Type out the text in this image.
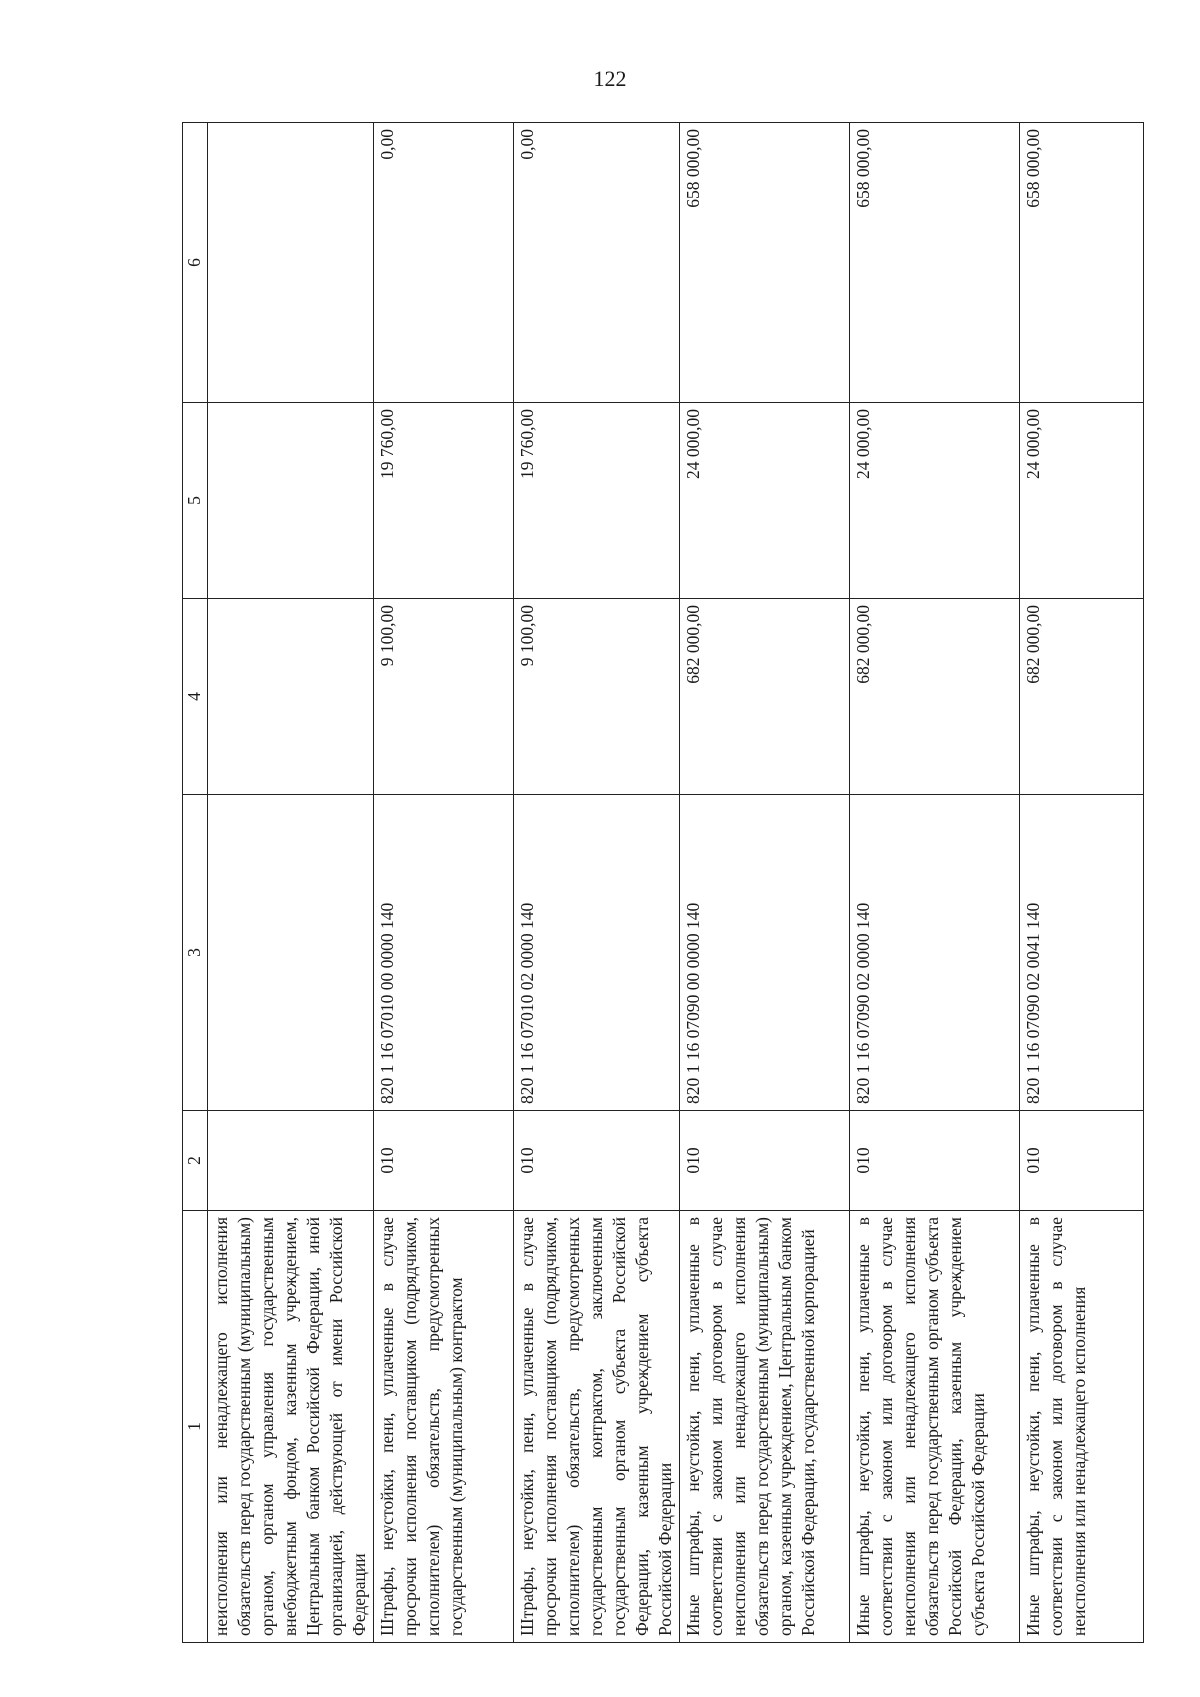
122
1	2	3	4	5	6
неисполнения или ненадлежащего исполнения обязательств перед государственным (муниципальным) органом, органом управления государственным внебюджетным фондом, казенным учреждением, Центральным банком Российской Федерации, иной организацией, действующей от имени Российской Федерации					
Штрафы, неустойки, пени, уплаченные в случае просрочки исполнения поставщиком (подрядчиком, исполнителем) обязательств, предусмотренных государственным (муниципальным) контрактом	010	820 1 16 07010 00 0000 140	9 100,00	19 760,00	0,00
Штрафы, неустойки, пени, уплаченные в случае просрочки исполнения поставщиком (подрядчиком, исполнителем) обязательств, предусмотренных государственным контрактом, заключенным государственным органом субъекта Российской Федерации, казенным учреждением субъекта Российской Федерации	010	820 1 16 07010 02 0000 140	9 100,00	19 760,00	0,00
Иные штрафы, неустойки, пени, уплаченные в соответствии с законом или договором в случае неисполнения или ненадлежащего исполнения обязательств перед государственным (муниципальным) органом, казенным учреждением, Центральным банком Российской Федерации, государственной корпорацией	010	820 1 16 07090 00 0000 140	682 000,00	24 000,00	658 000,00
Иные штрафы, неустойки, пени, уплаченные в соответствии с законом или договором в случае неисполнения или ненадлежащего исполнения обязательств перед государственным органом субъекта Российской Федерации, казенным учреждением субъекта Российской Федерации	010	820 1 16 07090 02 0000 140	682 000,00	24 000,00	658 000,00
Иные штрафы, неустойки, пени, уплаченные в соответствии с законом или договором в случае неисполнения или ненадлежащего исполнения	010	820 1 16 07090 02 0041 140	682 000,00	24 000,00	658 000,00
